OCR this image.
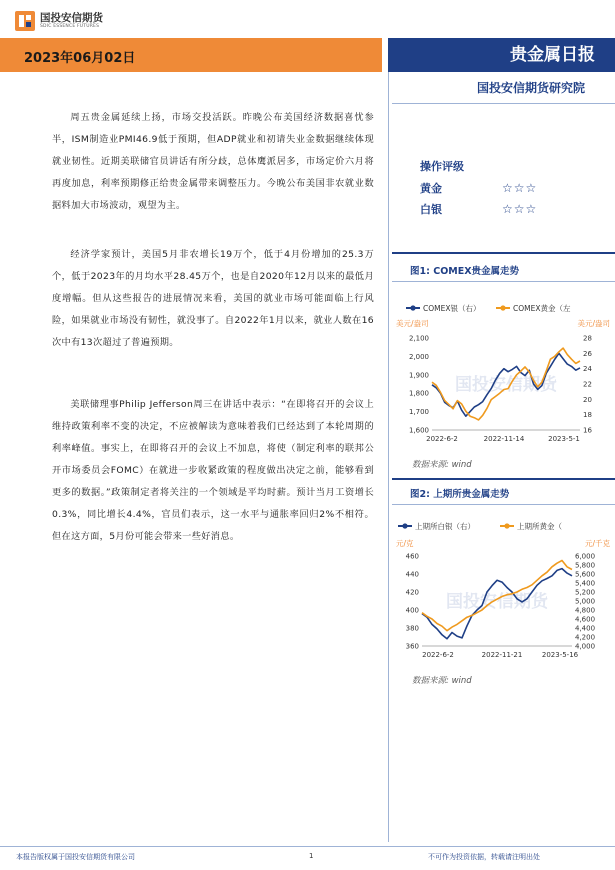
国投安信期货
SDIC ESSENCE FUTURES
2023年06月02日	贵金属日报
国投安信期货研究院
周五贵金属延续上扬，市场交投活跃。昨晚公布美国经济数据喜忧参半，ISM制造业PMI46.9低于预期，但ADP就业和初请失业金数据继续体现就业韧性。近期美联储官员讲话有所分歧，总体鹰派居多，市场定价六月将再度加息，利率预期修正给贵金属带来调整压力。今晚公布美国非农就业数据料加大市场波动，观望为主。
经济学家预计，美国5月非农增长19万个，低于4月份增加的25.3万个，低于2023年的月均水平28.45万个，也是自2020年12月以来的最低月度增幅。但从这些报告的进展情况来看，美国的就业市场可能面临上行风险，如果就业市场没有韧性，就没事了。自2022年1月以来，就业人数在16次中有13次超过了普遍预期。
美联储理事Philip Jefferson周三在讲话中表示：“在即将召开的会议上维持政策利率不变的决定，不应被解读为意味着我们已经达到了本轮周期的利率峰值。事实上，在即将召开的会议上不加息，将使（制定利率的联邦公开市场委员会FOMC）在就进一步收紧政策的程度做出决定之前，能够看到更多的数据。”政策制定者将关注的一个领域是平均时薪。预计当月工资增长0.3%，同比增长4.4%，官员们表示，这一水平与通胀率回归2%不相符。但在这方面，5月份可能会带来一些好消息。
操作评级
黄金	☆☆☆
白银	☆☆☆
图1: COMEX贵金属走势
国投安信期货
COMEX银（右）	COMEX黄金（左
美元/盎司	美元/盎司
1,600
1,700
1,800
1,900
2,000
2,100
16
18
20
22
24
26
28
2022-6-2	2022-11-14	2023-5-1
数据来源: wind
图2: 上期所贵金属走势
国投安信期货
上期所白银（右）	上期所黄金（
元/克	元/千克
360
380
400
420
440
460
4,000
4,200
4,400
4,600
4,800
5,000
5,200
5,400
5,600
5,800
6,000
2022-6-2	2022-11-21	2023-5-16
数据来源: wind
本报告版权属于国投安信期货有限公司	1	不可作为投资依据，转载请注明出处
